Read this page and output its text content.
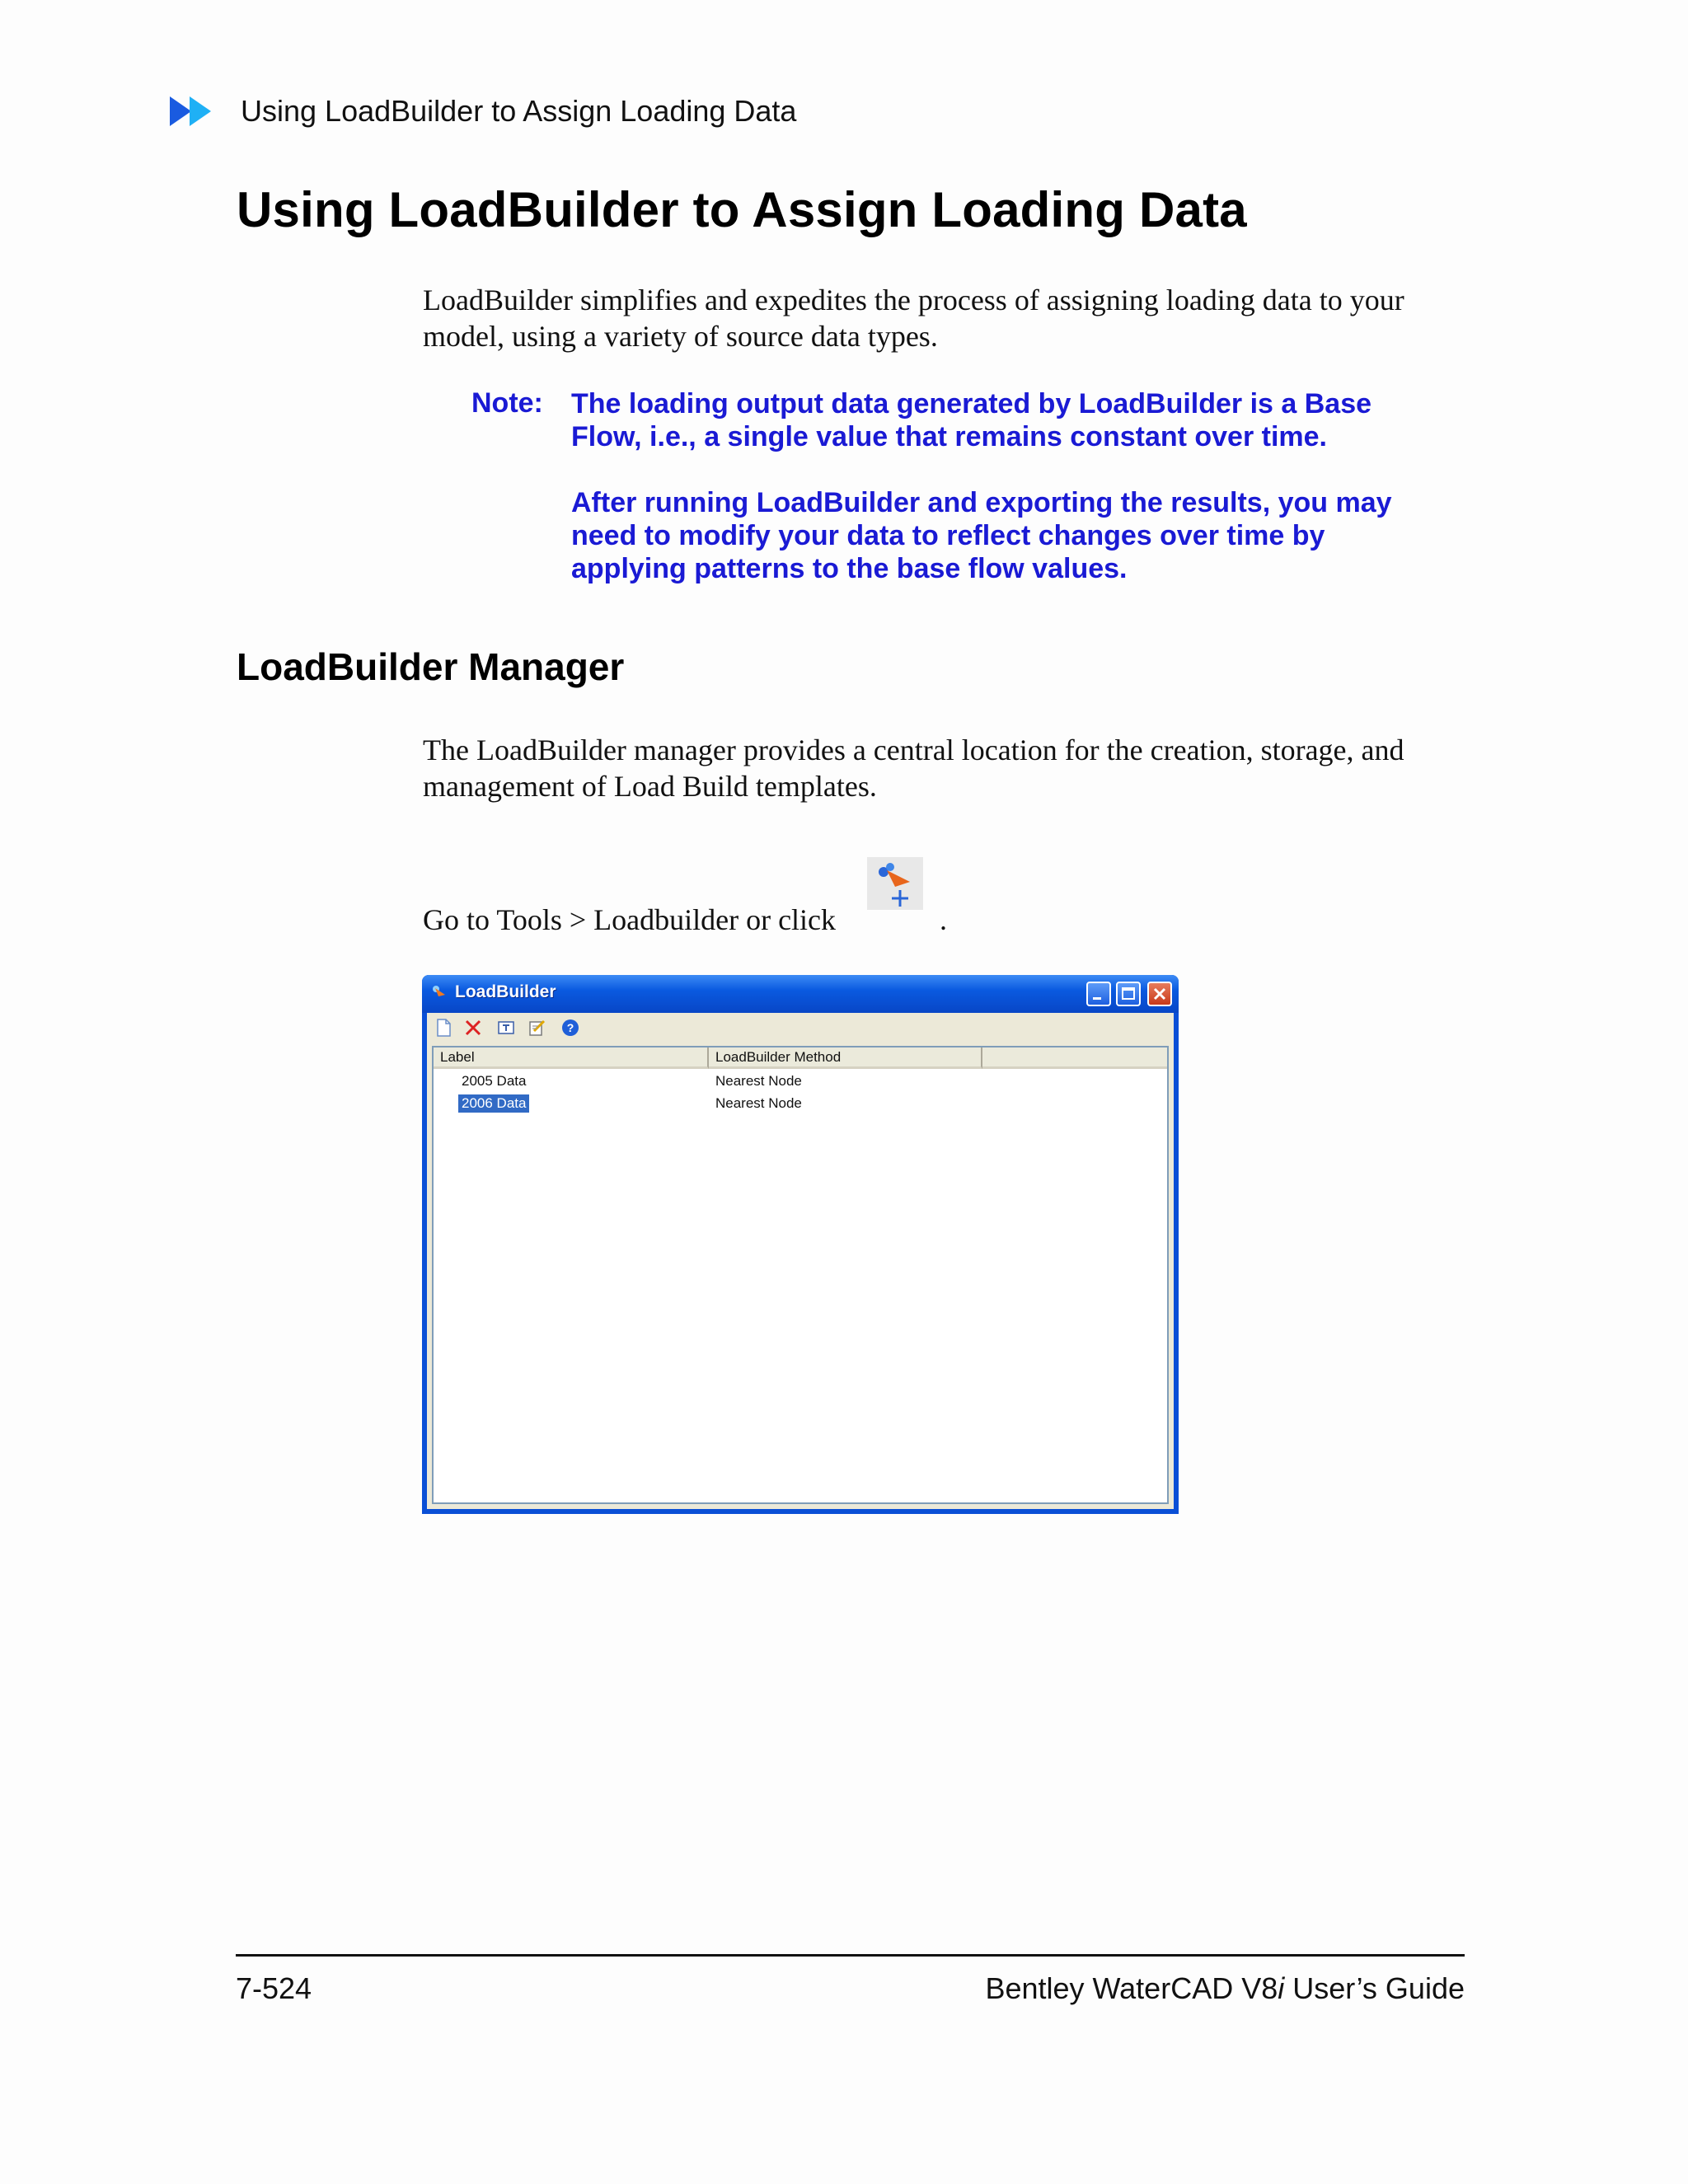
Using LoadBuilder to Assign Loading Data
Using LoadBuilder to Assign Loading Data
LoadBuilder simplifies and expedites the process of assigning loading data to your model, using a variety of source data types.
Note: The loading output data generated by LoadBuilder is a Base Flow, i.e., a single value that remains constant over time.
After running LoadBuilder and exporting the results, you may need to modify your data to reflect changes over time by applying patterns to the base flow values.
LoadBuilder Manager
The LoadBuilder manager provides a central location for the creation, storage, and management of Load Build templates.
Go to Tools > Loadbuilder or click	.
LoadBuilder
?
Label	LoadBuilder Method
2005 Data	Nearest Node
2006 Data	Nearest Node
7-524	Bentley WaterCAD V8i User’s Guide
